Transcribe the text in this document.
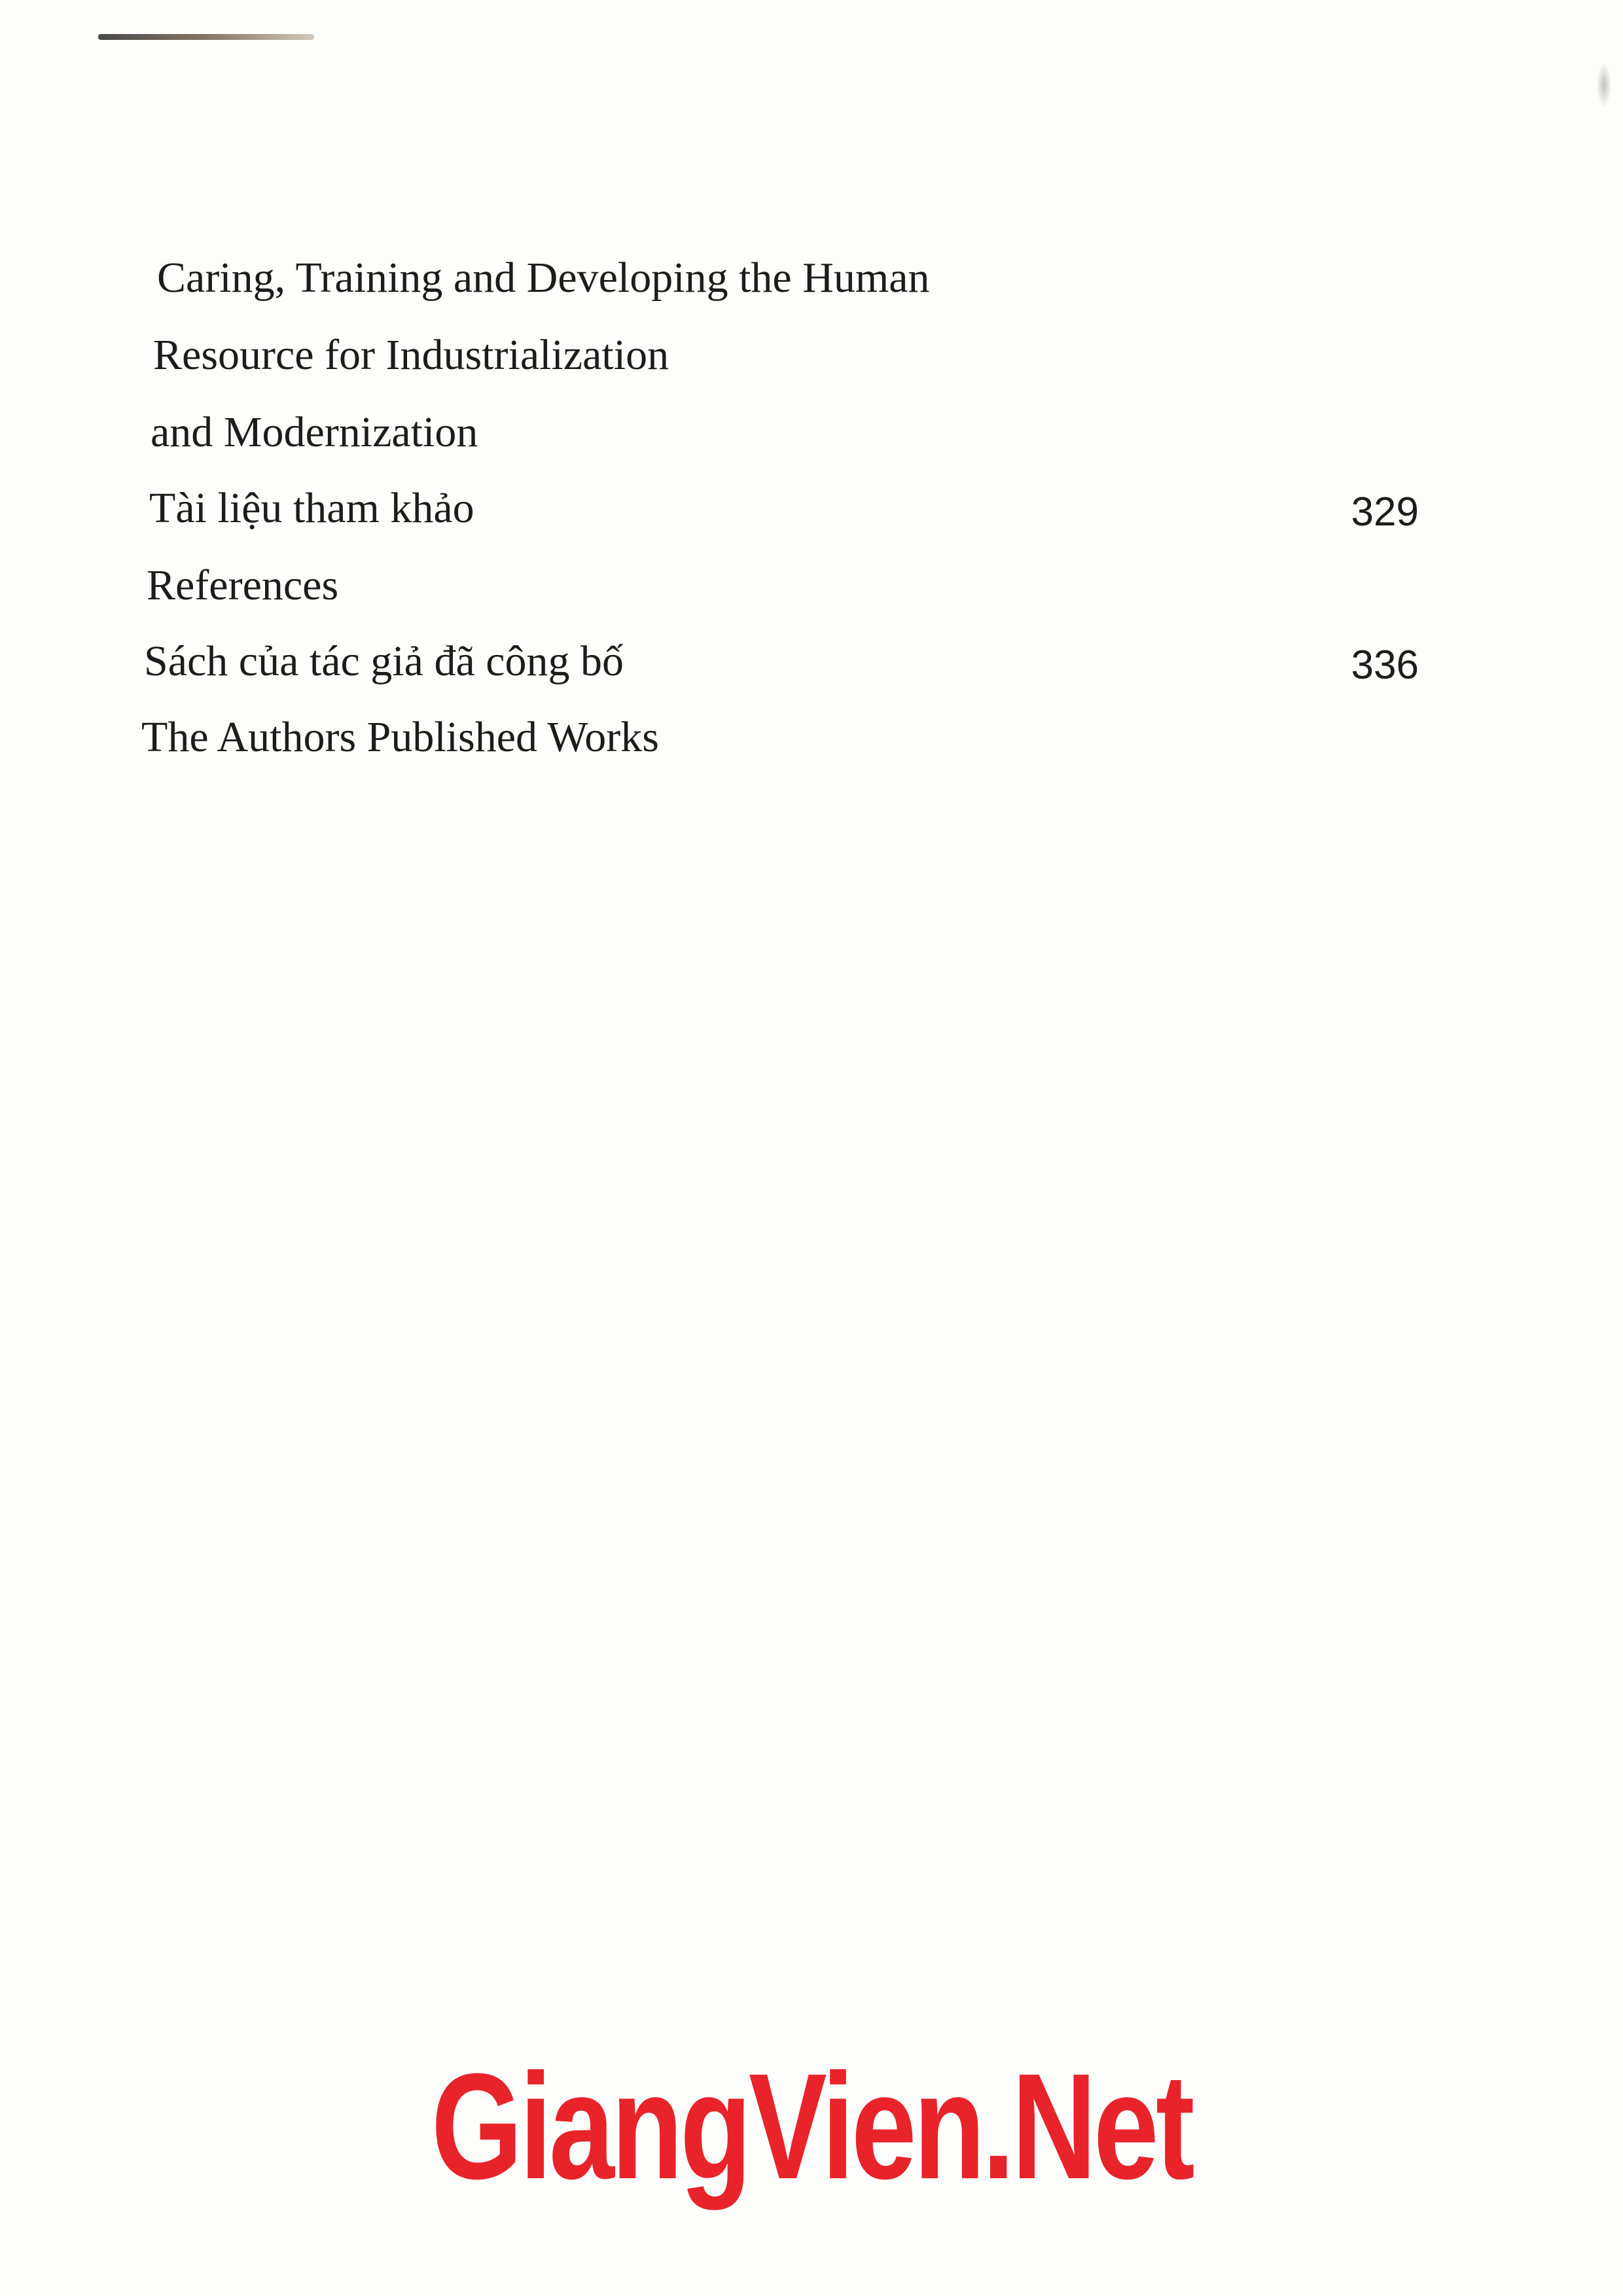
Caring, Training and Developing the Human
Resource for Industrialization
and Modernization
Tài liệu tham khảo	329
References
Sách của tác giả đã công bố	336
The Authors Published Works
GiangVien.Net
